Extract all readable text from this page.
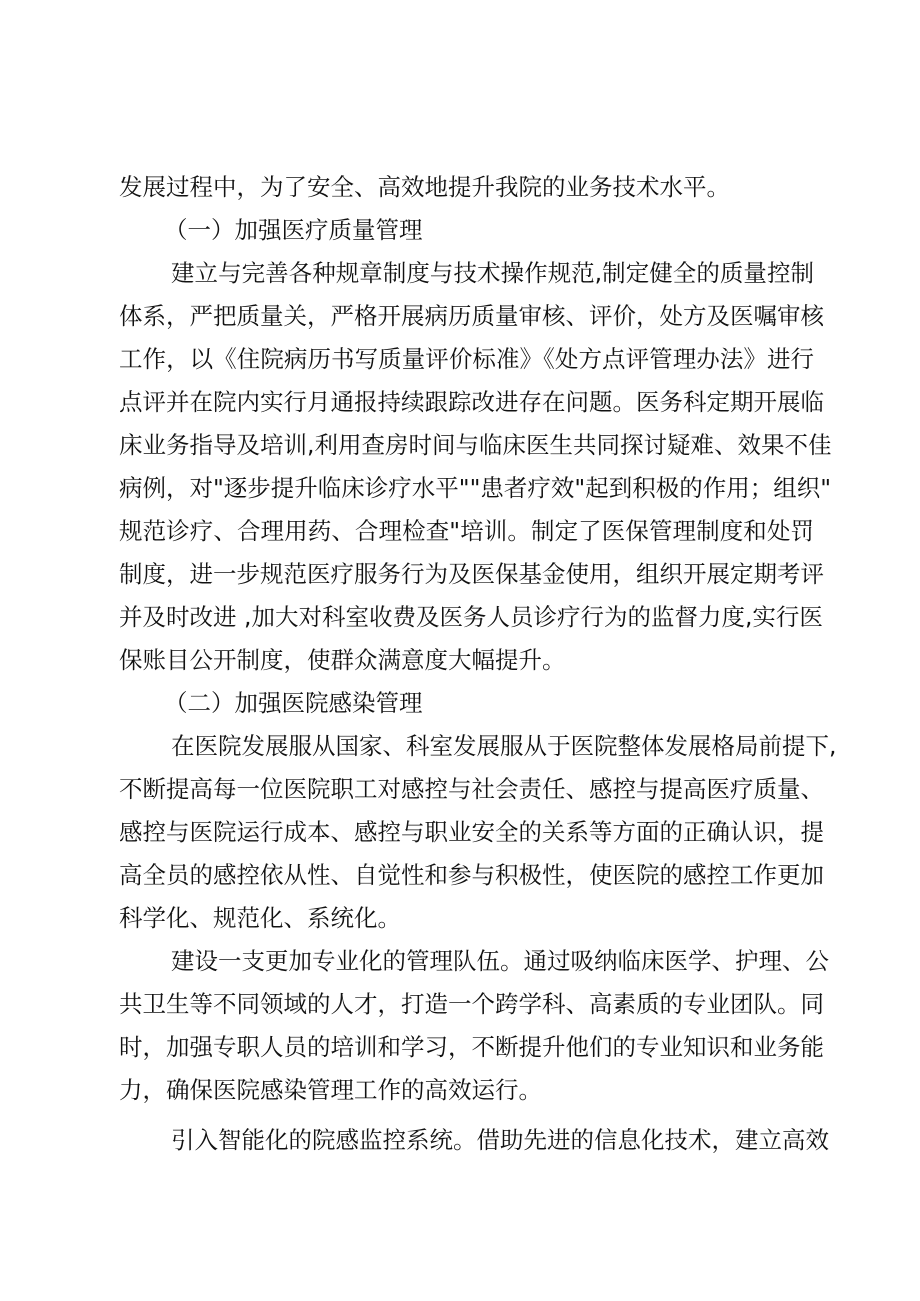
发展过程中，为了安全、高效地提升我院的业务技术水平。
（一）加强医疗质量管理
建立与完善各种规章制度与技术操作规范,制定健全的质量控制
体系，严把质量关，严格开展病历质量审核、评价，处方及医嘱审核
工作，以《住院病历书写质量评价标准》《处方点评管理办法》进行
点评并在院内实行月通报持续跟踪改进存在问题。医务科定期开展临
床业务指导及培训,利用查房时间与临床医生共同探讨疑难、效果不佳
病例，对"逐步提升临床诊疗水平""患者疗效"起到积极的作用；组织"
规范诊疗、合理用药、合理检查"培训。制定了医保管理制度和处罚
制度，进一步规范医疗服务行为及医保基金使用，组织开展定期考评
并及时改进 ,加大对科室收费及医务人员诊疗行为的监督力度,实行医
保账目公开制度，使群众满意度大幅提升。
（二）加强医院感染管理
在医院发展服从国家、科室发展服从于医院整体发展格局前提下,
不断提高每一位医院职工对感控与社会责任、感控与提高医疗质量、
感控与医院运行成本、感控与职业安全的关系等方面的正确认识，提
高全员的感控依从性、自觉性和参与积极性，使医院的感控工作更加
科学化、规范化、系统化。
建设一支更加专业化的管理队伍。通过吸纳临床医学、护理、公
共卫生等不同领域的人才，打造一个跨学科、高素质的专业团队。同
时，加强专职人员的培训和学习，不断提升他们的专业知识和业务能
力，确保医院感染管理工作的高效运行。
引入智能化的院感监控系统。借助先进的信息化技术，建立高效
